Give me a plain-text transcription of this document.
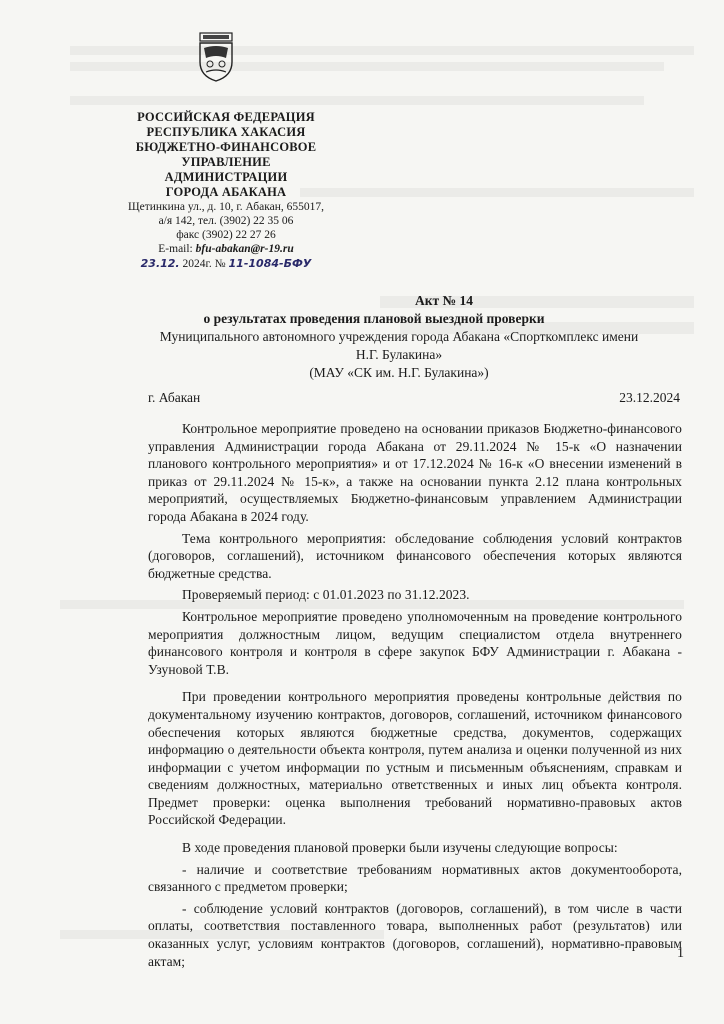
РОССИЙСКАЯ ФЕДЕРАЦИЯ
РЕСПУБЛИКА ХАКАСИЯ
БЮДЖЕТНО-ФИНАНСОВОЕ
УПРАВЛЕНИЕ
АДМИНИСТРАЦИИ
ГОРОДА АБАКАНА
Щетинкина ул., д. 10, г. Абакан, 655017,
а/я 142, тел. (3902) 22 35 06
факс (3902) 22 27 26
E-mail: bfu-abakan@r-19.ru
23.12. 2024г. № 11-1084-БФУ
Акт № 14
о результатах проведения плановой выездной проверки
Муниципального автономного учреждения города Абакана «Спорткомплекс имени
Н.Г. Булакина»
(МАУ «СК им. Н.Г. Булакина»)
г. Абакан	23.12.2024

Контрольное мероприятие проведено на основании приказов Бюджетно-финансового управления Администрации города Абакана от 29.11.2024 № 15-к «О назначении планового контрольного мероприятия» и от 17.12.2024 № 16-к «О внесении изменений в приказ от 29.11.2024 № 15-к», а также на основании пункта 2.12 плана контрольных мероприятий, осуществляемых Бюджетно-финансовым управлением Администрации города Абакана в 2024 году.

Тема контрольного мероприятия: обследование соблюдения условий контрактов (договоров, соглашений), источником финансового обеспечения которых являются бюджетные средства.

Проверяемый период: с 01.01.2023 по 31.12.2023.

Контрольное мероприятие проведено уполномоченным на проведение контрольного мероприятия должностным лицом, ведущим специалистом отдела внутреннего финансового контроля и контроля в сфере закупок БФУ Администрации г. Абакана - Узуновой Т.В.

При проведении контрольного мероприятия проведены контрольные действия по документальному изучению контрактов, договоров, соглашений, источником финансового обеспечения которых являются бюджетные средства, документов, содержащих информацию о деятельности объекта контроля, путем анализа и оценки полученной из них информации с учетом информации по устным и письменным объяснениям, справкам и сведениям должностных, материально ответственных и иных лиц объекта контроля. Предмет проверки: оценка выполнения требований нормативно-правовых актов Российской Федерации.

В ходе проведения плановой проверки были изучены следующие вопросы:

- наличие и соответствие требованиям нормативных актов документооборота, связанного с предметом проверки;

- соблюдение условий контрактов (договоров, соглашений), в том числе в части оплаты, соответствия поставленного товара, выполненных работ (результатов) или оказанных услуг, условиям контрактов (договоров, соглашений), нормативно-правовым актам;

1
